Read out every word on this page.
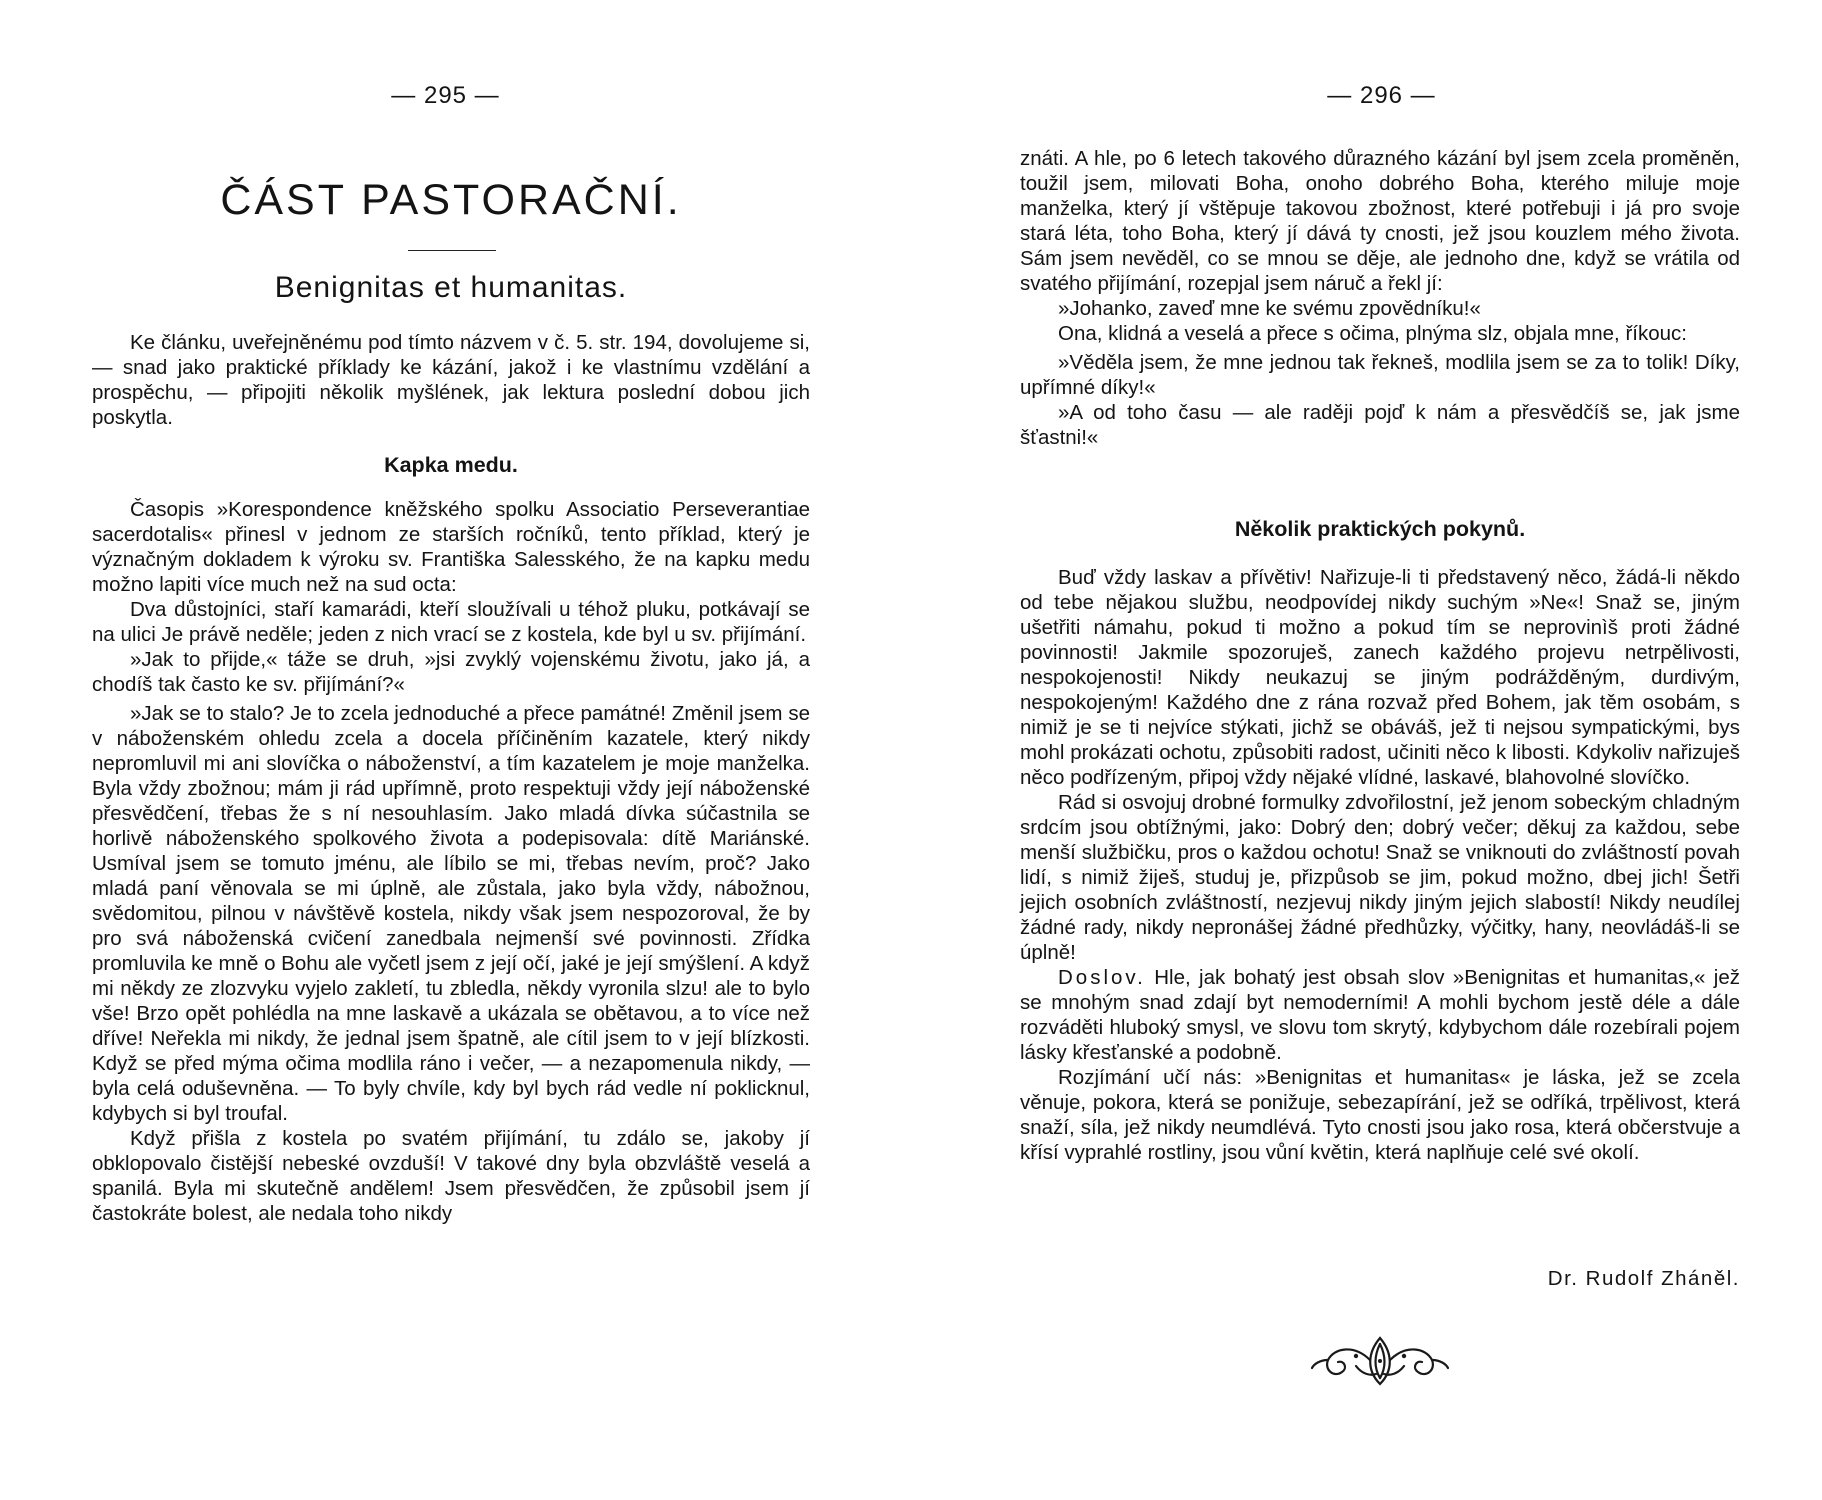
— 295 —
ČÁST PASTORAČNÍ.
Benignitas et humanitas.

Ke článku, uveřejněnému pod tímto názvem v č. 5. str. 194, dovolujeme si, — snad jako praktické příklady ke kázání, jakož i ke vlastnímu vzdělání a prospěchu, — připojiti několik myšlének, jak lektura poslední dobou jich poskytla.

Kapka medu.

Časopis »Korespondence kněžského spolku Associatio Perseverantiae sacerdotalis« přinesl v jednom ze starších ročníků, tento příklad, který je význačným dokladem k výroku sv. Františka Salesského, že na kapku medu možno lapiti více much než na sud octa:

Dva důstojníci, staří kamarádi, kteří sloužívali u téhož pluku, potkávají se na ulici Je právě neděle; jeden z nich vrací se z kostela, kde byl u sv. přijímání.

»Jak to přijde,« táže se druh, »jsi zvyklý vojenskému životu, jako já, a chodíš tak často ke sv. přijímání?«

»Jak se to stalo? Je to zcela jednoduché a přece památné! Změnil jsem se v náboženském ohledu zcela a docela příčiněním kazatele, který nikdy nepromluvil mi ani slovíčka o náboženství, a tím kazatelem je moje manželka. Byla vždy zbožnou; mám ji rád upřímně, proto respektuji vždy její náboženské přesvědčení, třebas že s ní nesouhlasím. Jako mladá dívka súčastnila se horlivě náboženského spolkového života a podepisovala: dítě Mariánské. Usmíval jsem se tomuto jménu, ale líbilo se mi, třebas nevím, proč? Jako mladá paní věnovala se mi úplně, ale zůstala, jako byla vždy, nábožnou, svědomitou, pilnou v návštěvě kostela, nikdy však jsem nespozoroval, že by pro svá náboženská cvičení zanedbala nejmenší své povinnosti. Zřídka promluvila ke mně o Bohu ale vyčetl jsem z její očí, jaké je její smýšlení. A když mi někdy ze zlozvyku vyjelo zakletí, tu zbledla, někdy vyronila slzu! ale to bylo vše! Brzo opět pohlédla na mne laskavě a ukázala se obětavou, a to více než dříve! Neřekla mi nikdy, že jednal jsem špatně, ale cítil jsem to v její blízkosti. Když se před mýma očima modlila ráno i večer, — a nezapomenula nikdy, — byla celá oduševněna. — To byly chvíle, kdy byl bych rád vedle ní poklicknul, kdybych si byl troufal.

Když přišla z kostela po svatém přijímání, tu zdálo se, jakoby jí obklopovalo čistější nebeské ovzduší! V takové dny byla obzvláště veselá a spanilá. Byla mi skutečně andělem! Jsem přesvědčen, že způsobil jsem jí častokráte bolest, ale nedala toho nikdy

— 296 —

znáti. A hle, po 6 letech takového důrazného kázání byl jsem zcela proměněn, toužil jsem, milovati Boha, onoho dobrého Boha, kterého miluje moje manželka, který jí vštěpuje takovou zbožnost, které potřebuji i já pro svoje stará léta, toho Boha, který jí dává ty cnosti, jež jsou kouzlem mého života. Sám jsem nevěděl, co se mnou se děje, ale jednoho dne, když se vrátila od svatého přijímání, rozepjal jsem náruč a řekl jí:

»Johanko, zaveď mne ke svému zpovědníku!«

Ona, klidná a veselá a přece s očima, plnýma slz, objala mne, říkouc:

»Věděla jsem, že mne jednou tak řekneš, modlila jsem se za to tolik! Díky, upřímné díky!«

»A od toho času — ale raději pojď k nám a přesvědčíš se, jak jsme šťastni!«

Několik praktických pokynů.

Buď vždy laskav a přívětiv! Nařizuje-li ti představený něco, žádá-li někdo od tebe nějakou službu, neodpovídej nikdy suchým »Ne«! Snaž se, jiným ušetřiti námahu, pokud ti možno a pokud tím se neprovinìš proti žádné povinnosti! Jakmile spozoruješ, zanech každého projevu netrpělivosti, nespokojenosti! Nikdy neukazuj se jiným podrážděným, durdivým, nespokojeným! Každého dne z rána rozvaž před Bohem, jak těm osobám, s nimiž je se ti nejvíce stýkati, jichž se obáváš, jež ti nejsou sympatickými, bys mohl prokázati ochotu, způsobiti radost, učiniti něco k libosti. Kdykoliv nařizuješ něco podřízeným, připoj vždy nějaké vlídné, laskavé, blahovolné slovíčko.

Rád si osvojuj drobné formulky zdvořilostní, jež jenom sobeckým chladným srdcím jsou obtížnými, jako: Dobrý den; dobrý večer; děkuj za každou, sebe menší službičku, pros o každou ochotu! Snaž se vniknouti do zvláštností povah lidí, s nimiž žiješ, studuj je, přizpůsob se jim, pokud možno, dbej jich! Šetři jejich osobních zvláštností, nezjevuj nikdy jiným jejich slabostí! Nikdy neudílej žádné rady, nikdy nepronášej žádné předhůzky, výčitky, hany, neovládáš-li se úplně!

Doslov. Hle, jak bohatý jest obsah slov »Benignitas et humanitas,« jež se mnohým snad zdají byt nemoderními! A mohli bychom jestě déle a dále rozváděti hluboký smysl, ve slovu tom skrytý, kdybychom dále rozebírali pojem lásky křesťanské a podobně.

Rozjímání učí nás: »Benignitas et humanitas« je láska, jež se zcela věnuje, pokora, která se ponižuje, sebezapírání, jež se odříká, trpělivost, která snaží, síla, jež nikdy neumdlévá. Tyto cnosti jsou jako rosa, která občerstvuje a křísí vyprahlé rostliny, jsou vůní květin, která naplňuje celé své okolí.

Dr. Rudolf Zháněl.
